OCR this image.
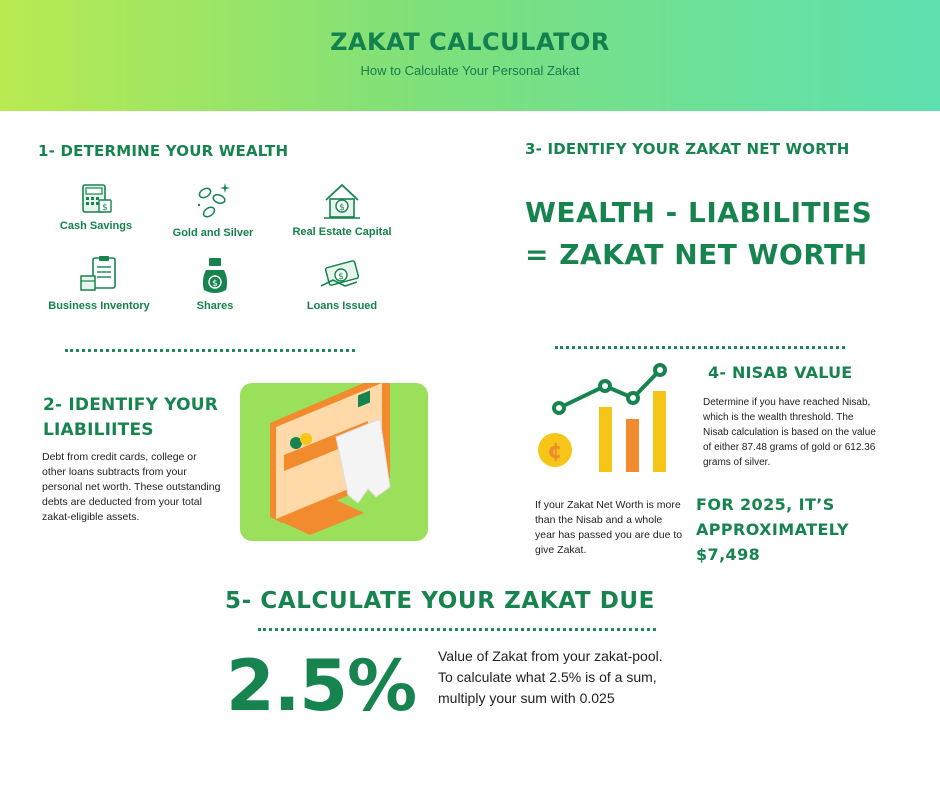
ZAKAT CALCULATOR
How to Calculate Your Personal Zakat
1- DETERMINE YOUR WEALTH
$
Cash Savings
Gold and Silver
$
Real Estate Capital
Business Inventory
$
Shares
$
Loans Issued
2- IDENTIFY YOUR
LIABILIITES
Debt from credit cards, college or other loans subtracts from your personal net worth. These outstanding debts are deducted from your total zakat-eligible assets.
3- IDENTIFY YOUR ZAKAT NET WORTH
WEALTH - LIABILITIES
= ZAKAT NET WORTH
¢
4- NISAB VALUE
Determine if you have reached Nisab, which is the wealth threshold. The Nisab calculation is based on the value of either 87.48 grams of gold or 612.36 grams of silver.
If your Zakat Net Worth is more than the Nisab and a whole year has passed you are due to give Zakat.
FOR 2025, IT’S
APPROXIMATELY
$7,498
5- CALCULATE YOUR ZAKAT DUE
2.5% Value of Zakat from your zakat-pool. To calculate what 2.5% is of a sum, multiply your sum with 0.025
